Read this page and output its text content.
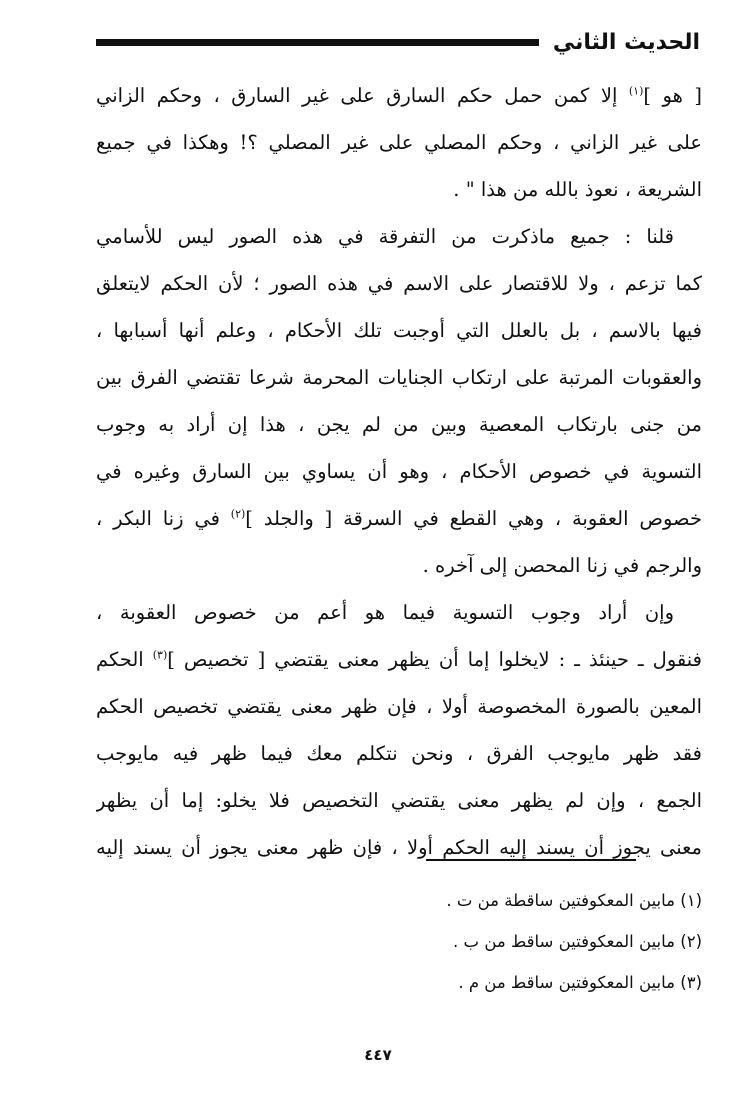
الحديث الثاني
[ هو ]$^{(١)}$ إلا كمن حمل حكم السارق على غير السارق ، وحكم الزاني
على غير الزاني ، وحكم المصلي على غير المصلي ؟! وهكذا في جميع
الشريعة ، نعوذ بالله من هذا " .
قلنا : جميع ماذكرت من التفرقة في هذه الصور ليس للأسامي
كما تزعم ، ولا للاقتصار على الاسم في هذه الصور ؛ لأن الحكم لايتعلق
فيها بالاسم ، بل بالعلل التي أوجبت تلك الأحكام ، وعلم أنها أسبابها ،
والعقوبات المرتبة على ارتكاب الجنايات المحرمة شرعا تقتضي الفرق بين
من جنى بارتكاب المعصية وبين من لم يجن ، هذا إن أراد به وجوب
التسوية في خصوص الأحكام ، وهو أن يساوي بين السارق وغيره في
خصوص العقوبة ، وهي القطع في السرقة [ والجلد ]$^{(٢)}$ في زنا البكر ،
والرجم في زنا المحصن إلى آخره .
وإن أراد وجوب التسوية فيما هو أعم من خصوص العقوبة ،
فنقول ـ حينئذ ـ : لايخلوا إما أن يظهر معنى يقتضي [ تخصيص ]$^{(٣)}$ الحكم
المعين بالصورة المخصوصة أولا ، فإن ظهر معنى يقتضي تخصيص الحكم
فقد ظهر مايوجب الفرق ، ونحن نتكلم معك فيما ظهر فيه مايوجب
الجمع ، وإن لم يظهر معنى يقتضي التخصيص فلا يخلو: إما أن يظهر
معنى يجوز أن يسند إليه الحكم أولا ، فإن ظهر معنى يجوز أن يسند إليه
(١) مابين المعكوفتين ساقطة من ت .
(٢) مابين المعكوفتين ساقط من ب .
(٣) مابين المعكوفتين ساقط من م .
٤٤٧
